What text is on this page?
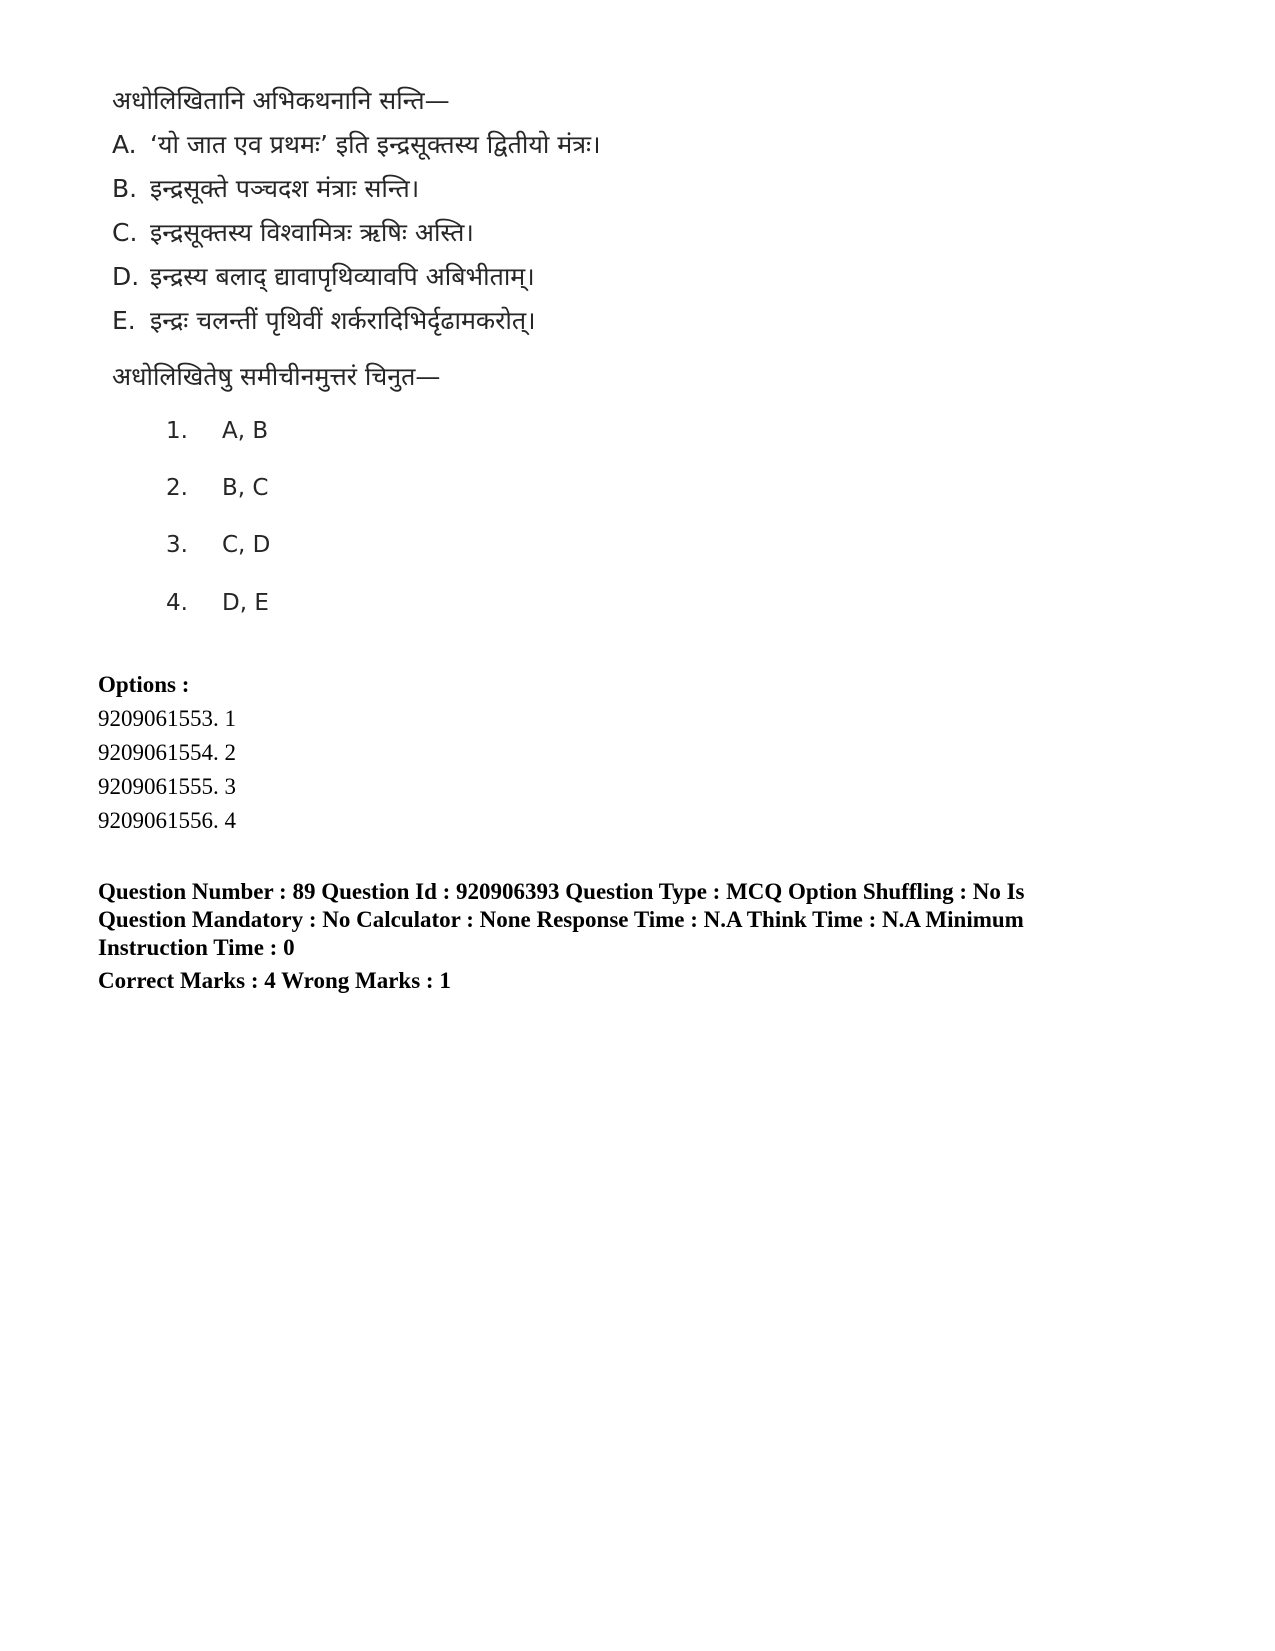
अधोलिखितानि अभिकथनानि सन्ति—
A. ‘यो जात एव प्रथमः’ इति इन्द्रसूक्तस्य द्वितीयो मंत्रः।
B. इन्द्रसूक्ते पञ्चदश मंत्राः सन्ति।
C. इन्द्रसूक्तस्य विश्वामित्रः ऋषिः अस्ति।
D. इन्द्रस्य बलाद् द्यावापृथिव्यावपि अबिभीताम्।
E. इन्द्रः चलन्तीं पृथिवीं शर्करादिभिर्दृढामकरोत्।
अधोलिखितेषु समीचीनमुत्तरं चिनुत—
1. A, B
2. B, C
3. C, D
4. D, E
Options :
9209061553. 1
9209061554. 2
9209061555. 3
9209061556. 4
Question Number : 89 Question Id : 920906393 Question Type : MCQ Option Shuffling : No Is Question Mandatory : No Calculator : None Response Time : N.A Think Time : N.A Minimum Instruction Time : 0
Correct Marks : 4 Wrong Marks : 1
